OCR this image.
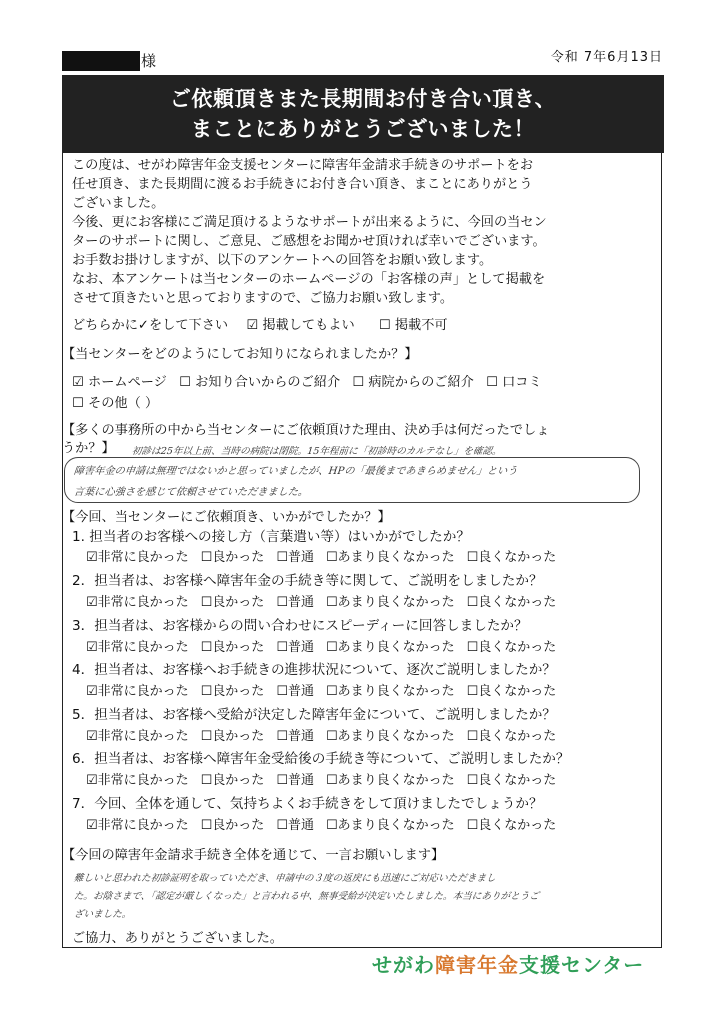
様	令和 7年6月13日
ご依頼頂きまた長期間お付き合い頂き、
まことにありがとうございました！
この度は、せがわ障害年金支援センターに障害年金請求手続きのサポートをお
任せ頂き、また長期間に渡るお手続きにお付き合い頂き、まことにありがとう
ございました。
今後、更にお客様にご満足頂けるようなサポートが出来るように、今回の当セン
ターのサポートに関し、ご意見、ご感想をお聞かせ頂ければ幸いでございます。
お手数お掛けしますが、以下のアンケートへの回答をお願い致します。
なお、本アンケートは当センターのホームページの「お客様の声」として掲載を
させて頂きたいと思っておりますので、ご協力お願い致します。
どちらかに✓をして下さい ☑ 掲載してもよい ☐ 掲載不可
【当センターをどのようにしてお知りになられましたか？】
☑ ホームページ ☐ お知り合いからのご紹介 ☐ 病院からのご紹介 ☐ 口コミ
☐ その他（ ）
【多くの事務所の中から当センターにご依頼頂けた理由、決め手は何だったでしょ
うか？】 初診は25年以上前、当時の病院は閉院。15年程前に「初診時のカルテなし」を確認。
障害年金の申請は無理ではないかと思っていましたが、HPの「最後まであきらめません」という
言葉に心強さを感じて依頼させていただきました。
【今回、当センターにご依頼頂き、いかがでしたか？】
1. 担当者のお客様への接し方（言葉遣い等）はいかがでしたか？
☑非常に良かった ☐良かった ☐普通 ☐あまり良くなかった ☐良くなかった
2．担当者は、お客様へ障害年金の手続き等に関して、ご説明をしましたか？
☑非常に良かった ☐良かった ☐普通 ☐あまり良くなかった ☐良くなかった
3．担当者は、お客様からの問い合わせにスピーディーに回答しましたか？
☑非常に良かった ☐良かった ☐普通 ☐あまり良くなかった ☐良くなかった
4．担当者は、お客様へお手続きの進捗状況について、逐次ご説明しましたか？
☑非常に良かった ☐良かった ☐普通 ☐あまり良くなかった ☐良くなかった
5．担当者は、お客様へ受給が決定した障害年金について、ご説明しましたか？
☑非常に良かった ☐良かった ☐普通 ☐あまり良くなかった ☐良くなかった
6．担当者は、お客様へ障害年金受給後の手続き等について、ご説明しましたか？
☑非常に良かった ☐良かった ☐普通 ☐あまり良くなかった ☐良くなかった
7．今回、全体を通して、気持ちよくお手続きをして頂けましたでしょうか？
☑非常に良かった ☐良かった ☐普通 ☐あまり良くなかった ☐良くなかった
【今回の障害年金請求手続き全体を通じて、一言お願いします】
難しいと思われた初診証明を取っていただき、申請中の３度の返戻にも迅速にご対応いただきまし
た。お陰さまで、「認定が厳しくなった」と言われる中、無事受給が決定いたしました。本当にありがとうご
ざいました。
ご協力、ありがとうございました。
せがわ障害年金支援センター
